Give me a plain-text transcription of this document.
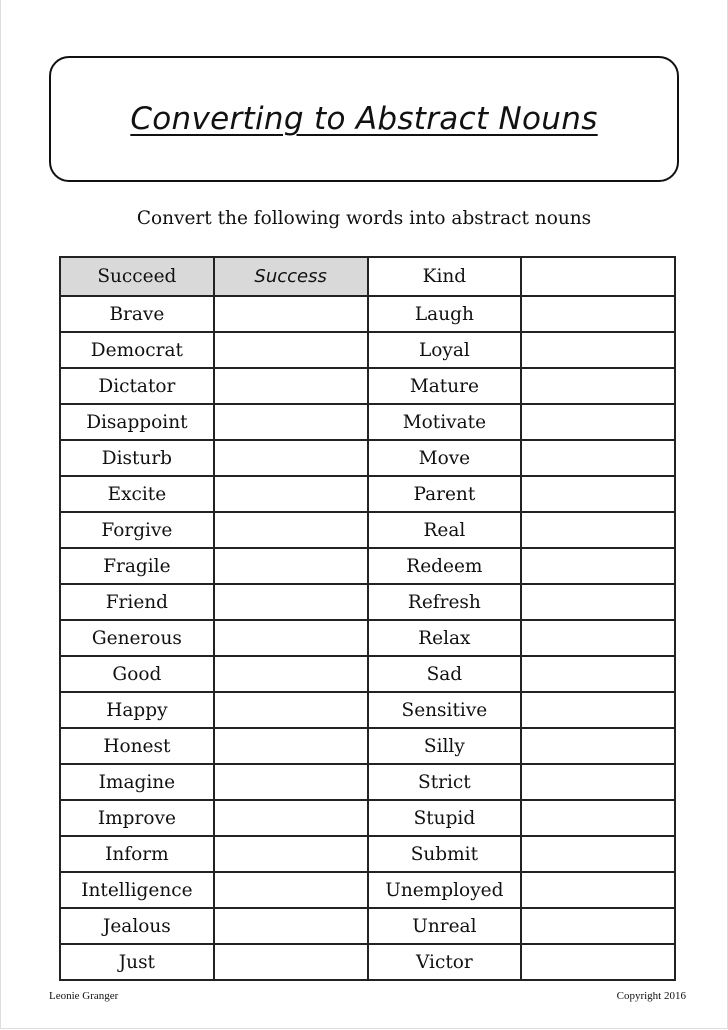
Converting to Abstract Nouns
Convert the following words into abstract nouns
Succeed	Success	Kind	
Brave		Laugh	
Democrat		Loyal	
Dictator		Mature	
Disappoint		Motivate	
Disturb		Move	
Excite		Parent	
Forgive		Real	
Fragile		Redeem	
Friend		Refresh	
Generous		Relax	
Good		Sad	
Happy		Sensitive	
Honest		Silly	
Imagine		Strict	
Improve		Stupid	
Inform		Submit	
Intelligence		Unemployed	
Jealous		Unreal	
Just		Victor	
Leonie Granger	Copyright 2016
